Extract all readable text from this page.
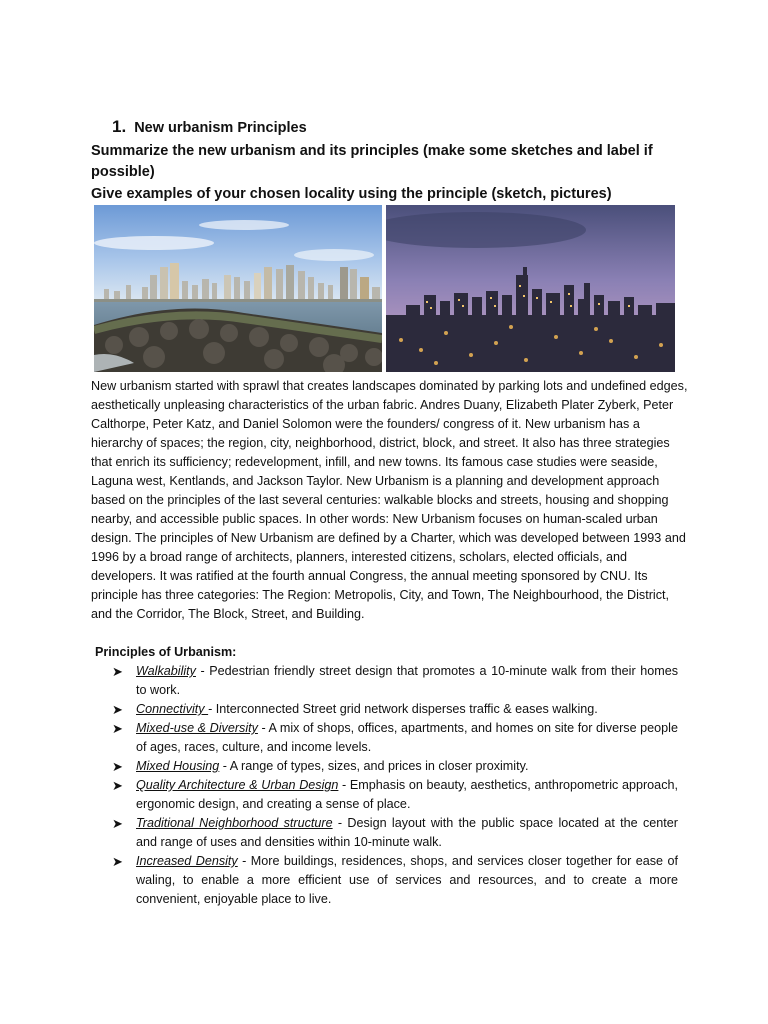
1. New urbanism Principles
Summarize the new urbanism and its principles (make some sketches and label if possible)
Give examples of your chosen locality using the principle (sketch, pictures)
New urbanism started with sprawl that creates landscapes dominated by parking lots and undefined edges, aesthetically unpleasing characteristics of the urban fabric. Andres Duany, Elizabeth Plater Zyberk, Peter Calthorpe, Peter Katz, and Daniel Solomon were the founders/ congress of it. New urbanism has a hierarchy of spaces; the region, city, neighborhood, district, block, and street. It also has three strategies that enrich its sufficiency; redevelopment, infill, and new towns. Its famous case studies were seaside, Laguna west, Kentlands, and Jackson Taylor. New Urbanism is a planning and development approach based on the principles of the last several centuries: walkable blocks and streets, housing and shopping nearby, and accessible public spaces. In other words: New Urbanism focuses on human-scaled urban design. The principles of New Urbanism are defined by a Charter, which was developed between 1993 and 1996 by a broad range of architects, planners, interested citizens, scholars, elected officials, and developers. It was ratified at the fourth annual Congress, the annual meeting sponsored by CNU. Its principle has three categories: The Region: Metropolis, City, and Town, The Neighbourhood, the District, and the Corridor, The Block, Street, and Building.
Principles of Urbanism:
➤ Walkability - Pedestrian friendly street design that promotes a 10-minute walk from their homes to work.
➤ Connectivity - Interconnected Street grid network disperses traffic & eases walking.
➤ Mixed-use & Diversity - A mix of shops, offices, apartments, and homes on site for diverse people of ages, races, culture, and income levels.
➤ Mixed Housing - A range of types, sizes, and prices in closer proximity.
➤ Quality Architecture & Urban Design - Emphasis on beauty, aesthetics, anthropometric approach, ergonomic design, and creating a sense of place.
➤ Traditional Neighborhood structure - Design layout with the public space located at the center and range of uses and densities within 10-minute walk.
➤ Increased Density - More buildings, residences, shops, and services closer together for ease of waling, to enable a more efficient use of services and resources, and to create a more convenient, enjoyable place to live.
